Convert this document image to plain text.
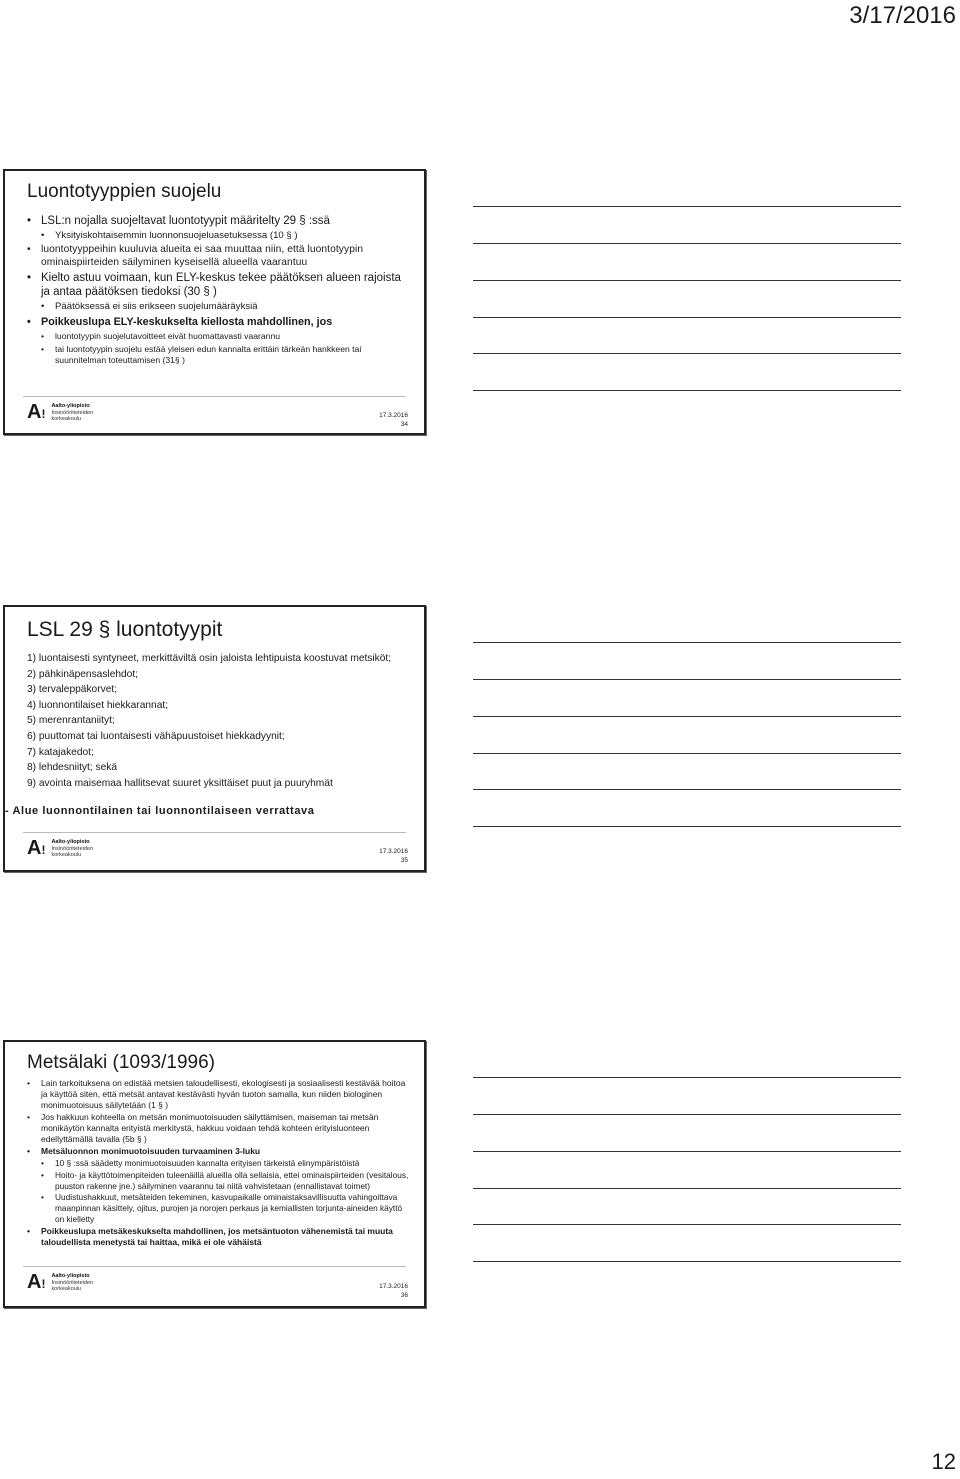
3/17/2016
Luontotyyppien suojelu
• LSL:n nojalla suojeltavat luontotyypit määritelty 29 § :ssä
• Yksityiskohtaisemmin luonnonsuojeluasetuksessa (10 § )
• luontotyyppeihin kuuluvia alueita ei saa muuttaa niin, että luontotyypin ominaispiirteiden säilyminen kyseisellä alueella vaarantuu
• Kielto astuu voimaan, kun ELY-keskus tekee päätöksen alueen rajoista ja antaa päätöksen tiedoksi (30 § )
• Päätöksessä ei siis erikseen suojelumääräyksiä
• Poikkeuslupa ELY-keskukselta kiellosta mahdollinen, jos
• luontotyypin suojelutavoitteet eivät huomattavasti vaarannu
• tai luontotyypin suojelu estää yleisen edun kannalta erittäin tärkeän hankkeen tai suunnitelman toteuttamisen (31§ )
A!
Aalto-yliopisto
Insinööritieteiden
korkeakoulu	17.3.2016
34
LSL 29 § luontotyypit
1) luontaisesti syntyneet, merkittäviltä osin jaloista lehtipuista koostuvat metsiköt;
2) pähkinäpensaslehdot;
3) tervaleppäkorvet;
4) luonnontilaiset hiekkarannat;
5) merenrantaniityt;
6) puuttomat tai luontaisesti vähäpuustoiset hiekkadyynit;
7) katajakedot;
8) lehdesniityt; sekä
9) avointa maisemaa hallitsevat suuret yksittäiset puut ja puuryhmät
- Alue luonnontilainen tai luonnontilaiseen verrattava
A!
Aalto-yliopisto
Insinööritieteiden
korkeakoulu	17.3.2016
35
Metsälaki (1093/1996)
• Lain tarkoituksena on edistää metsien taloudellisesti, ekologisesti ja sosiaalisesti kestävää hoitoa ja käyttöä siten, että metsät antavat kestävästi hyvän tuoton samalla, kun niiden biologinen monimuotoisuus säilytetään (1 § )
• Jos hakkuun kohteella on metsän monimuotoisuuden säilyttämisen, maiseman tai metsän monikäytön kannalta erityistä merkitystä, hakkuu voidaan tehdä kohteen erityisluonteen edellyttämällä tavalla (5b § )
• Metsäluonnon monimuotoisuuden turvaaminen 3-luku
• 10 § :ssä säädetty monimuotoisuuden kannalta erityisen tärkeistä elinympäristöistä
• Hoito- ja käyttötoimenpiteiden tuleenäillä alueilla olla sellaisia, ettei ominaispiirteiden (vesitalous, puuston rakenne jne.) säilyminen vaarannu tai niitä vahvistetaan (ennallistavat toimet)
• Uudistushakkuut, metsäteiden tekeminen, kasvupaikalle ominaistaksavillisuutta vahingoittava maanpinnan käsittely, ojitus, purojen ja norojen perkaus ja kemiallisten torjunta-aineiden käyttö on kielletty
• Poikkeuslupa metsäkeskukselta mahdollinen, jos metsäntuoton vähenemistä tai muuta taloudellista menetystä tai haittaa, mikä ei ole vähäistä
A!
Aalto-yliopisto
Insinööritieteiden
korkeakoulu	17.3.2016
36
12
